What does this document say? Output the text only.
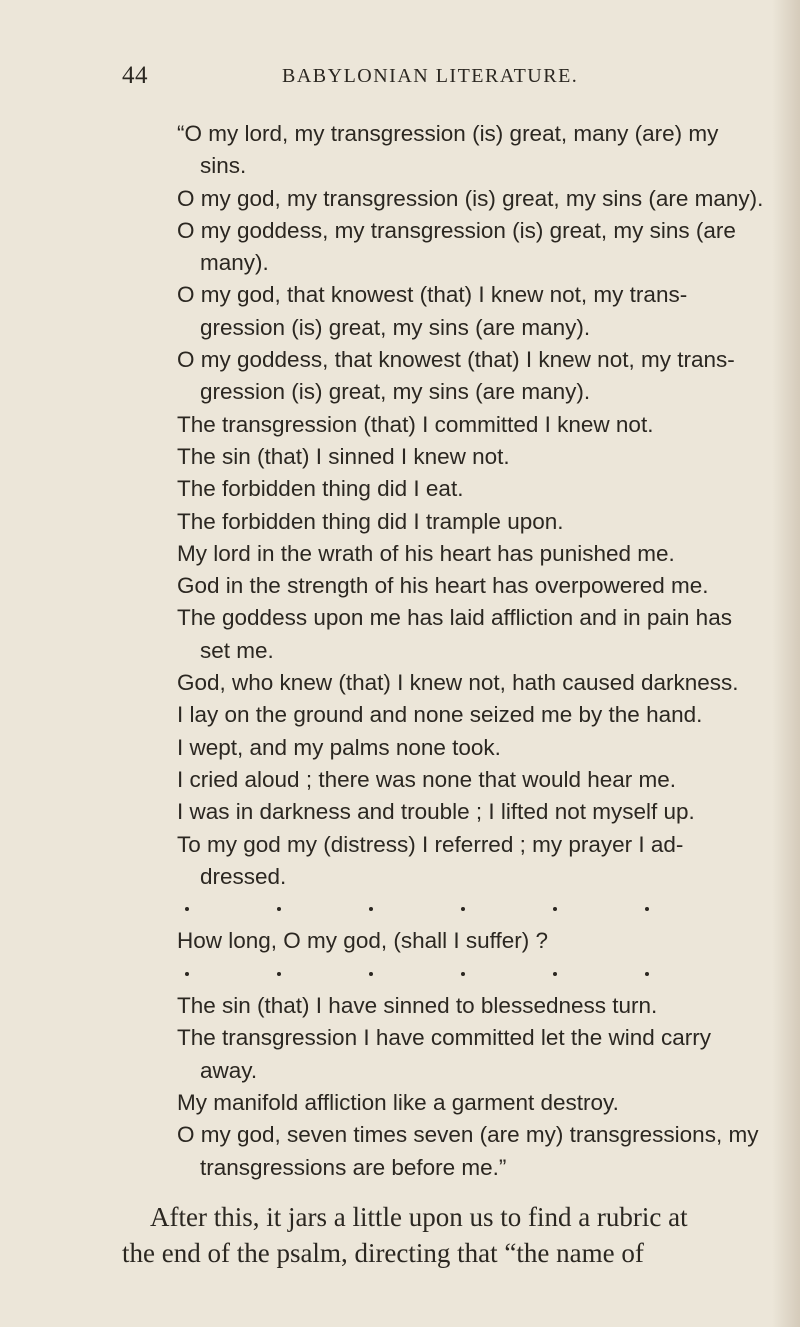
44	BABYLONIAN LITERATURE.
“O my lord, my transgression (is) great, many (are) my
sins.
O my god, my transgression (is) great, my sins (are many).
O my goddess, my transgression (is) great, my sins (are
many).
O my god, that knowest (that) I knew not, my trans-
gression (is) great, my sins (are many).
O my goddess, that knowest (that) I knew not, my trans-
gression (is) great, my sins (are many).
The transgression (that) I committed I knew not.
The sin (that) I sinned I knew not.
The forbidden thing did I eat.
The forbidden thing did I trample upon.
My lord in the wrath of his heart has punished me.
God in the strength of his heart has overpowered me.
The goddess upon me has laid affliction and in pain has
set me.
God, who knew (that) I knew not, hath caused darkness.
I lay on the ground and none seized me by the hand.
I wept, and my palms none took.
I cried aloud ; there was none that would hear me.
I was in darkness and trouble ; I lifted not myself up.
To my god my (distress) I referred ; my prayer I ad-
dressed.
How long, O my god, (shall I suffer) ?
The sin (that) I have sinned to blessedness turn.
The transgression I have committed let the wind carry
away.
My manifold affliction like a garment destroy.
O my god, seven times seven (are my) transgressions, my
transgressions are before me.”
After this, it jars a little upon us to find a rubric at
the end of the psalm, directing that “the name of
